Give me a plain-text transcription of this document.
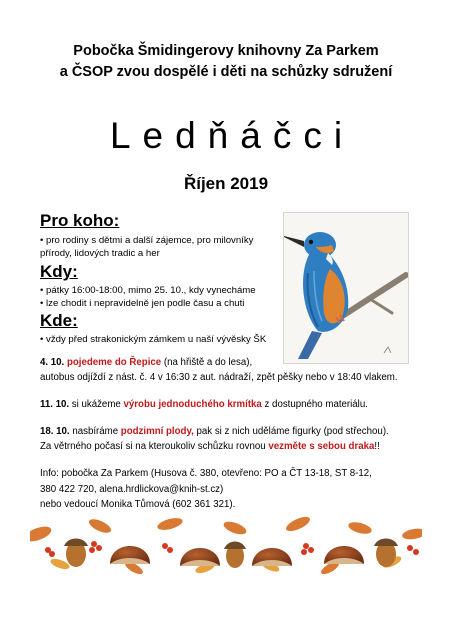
Pobočka Šmidingerovy knihovny Za Parkem
a ČSOP zvou dospělé i děti na schůzky sdružení
Ledňáčci
Říjen 2019
Pro koho:
• pro rodiny s dětmi a další zájemce, pro milovníky
přírody, lidových tradic a her
Kdy:
• pátky 16:00-18:00, mimo 25. 10., kdy vynecháme
• lze chodit i nepravidelně jen podle času a chuti
Kde:
• vždy před strakonickým zámkem u naší vývěsky ŠK
4. 10. pojedeme do Řepice (na hřiště a do lesa),
autobus odjíždí z nást. č. 4 v 16:30 z aut. nádraží, zpět pěšky nebo v 18:40 vlakem.
11. 10. si ukážeme výrobu jednoduchého krmítka z dostupného materiálu.
18. 10. nasbíráme podzimní plody, pak si z nich uděláme figurky (pod střechou).
Za větrného počasí si na kteroukoliv schůzku rovnou vezměte s sebou draka!!
Info: pobočka Za Parkem (Husova č. 380, otevřeno: PO a ČT 13-18, ST 8-12,
380 422 720, alena.hrdlickova@knih-st.cz)
nebo vedoucí Monika Tůmová (602 361 321).
